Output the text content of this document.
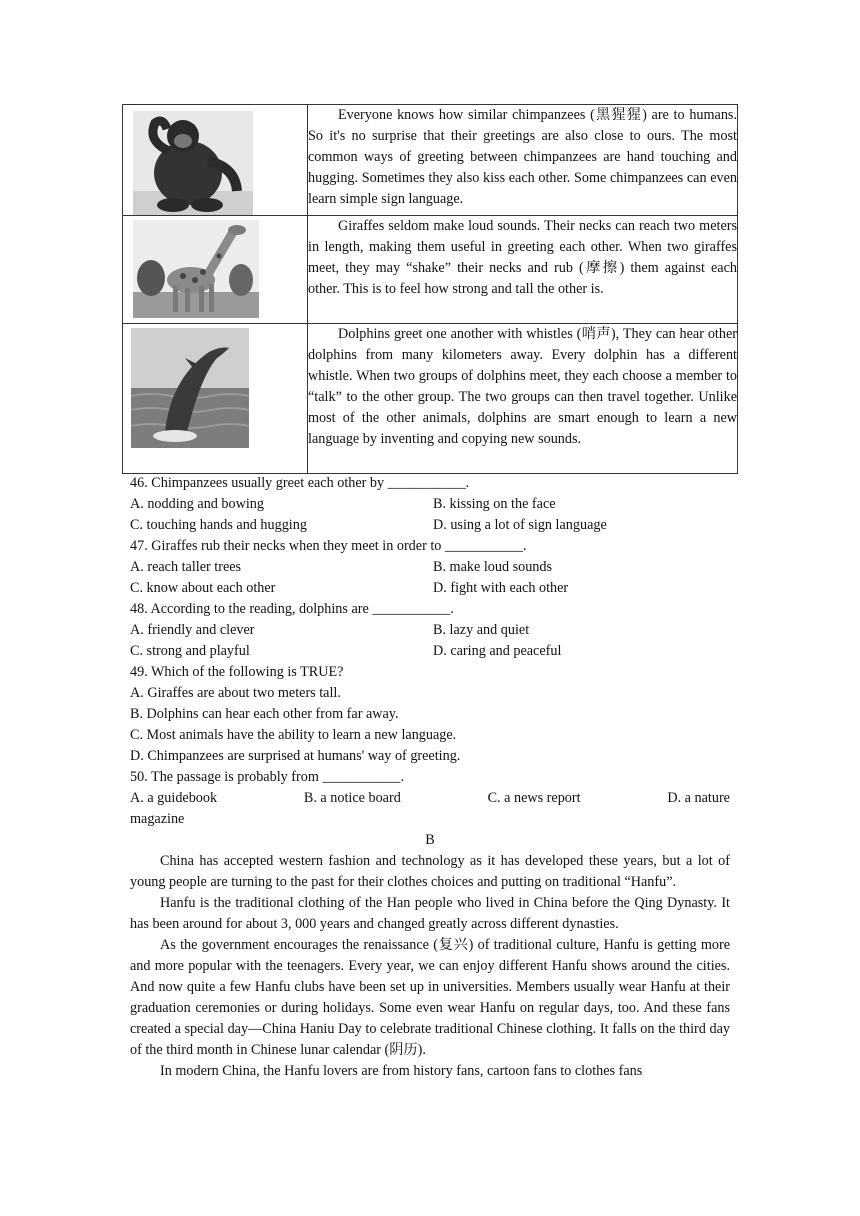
	Everyone knows how similar chimpanzees (黑猩猩) are to humans. So it's no surprise that their greetings are also close to ours. The most common ways of greeting between chimpanzees are hand touching and hugging. Sometimes they also kiss each other. Some chimpanzees can even learn simple sign language.

	Giraffes seldom make loud sounds. Their necks can reach two meters in length, making them useful in greeting each other. When two giraffes meet, they may “shake” their necks and rub (摩擦) them against each other. This is to feel how strong and tall the other is.

	Dolphins greet one another with whistles (哨声), They can hear other dolphins from many kilometers away. Every dolphin has a different whistle. When two groups of dolphins meet, they each choose a member to “talk” to the other group. The two groups can then travel together. Unlike most of the other animals, dolphins are smart enough to learn a new language by inventing and copying new sounds.
46. Chimpanzees usually greet each other by ___________.
A. nodding and bowing	B. kissing on the face
C. touching hands and hugging	D. using a lot of sign language
47. Giraffes rub their necks when they meet in order to ___________.
A. reach taller trees	B. make loud sounds
C. know about each other	D. fight with each other
48. According to the reading, dolphins are ___________.
A. friendly and clever	B. lazy and quiet
C. strong and playful	D. caring and peaceful
49. Which of the following is TRUE?
A. Giraffes are about two meters tall.
B. Dolphins can hear each other from far away.
C. Most animals have the ability to learn a new language.
D. Chimpanzees are surprised at humans' way of greeting.
50. The passage is probably from ___________.
A. a guidebook	B. a notice board	C. a news report	D. a nature
magazine
B
China has accepted western fashion and technology as it has developed these years, but a lot of young people are turning to the past for their clothes choices and putting on traditional “Hanfu”.
Hanfu is the traditional clothing of the Han people who lived in China before the Qing Dynasty. It has been around for about 3, 000 years and changed greatly across different dynasties.
As the government encourages the renaissance (复兴) of traditional culture, Hanfu is getting more and more popular with the teenagers. Every year, we can enjoy different Hanfu shows around the cities. And now quite a few Hanfu clubs have been set up in universities. Members usually wear Hanfu at their graduation ceremonies or during holidays. Some even wear Hanfu on regular days, too. And these fans created a special day—China Haniu Day to celebrate traditional Chinese clothing. It falls on the third day of the third month in Chinese lunar calendar (阴历).
In modern China, the Hanfu lovers are from history fans, cartoon fans to clothes fans
